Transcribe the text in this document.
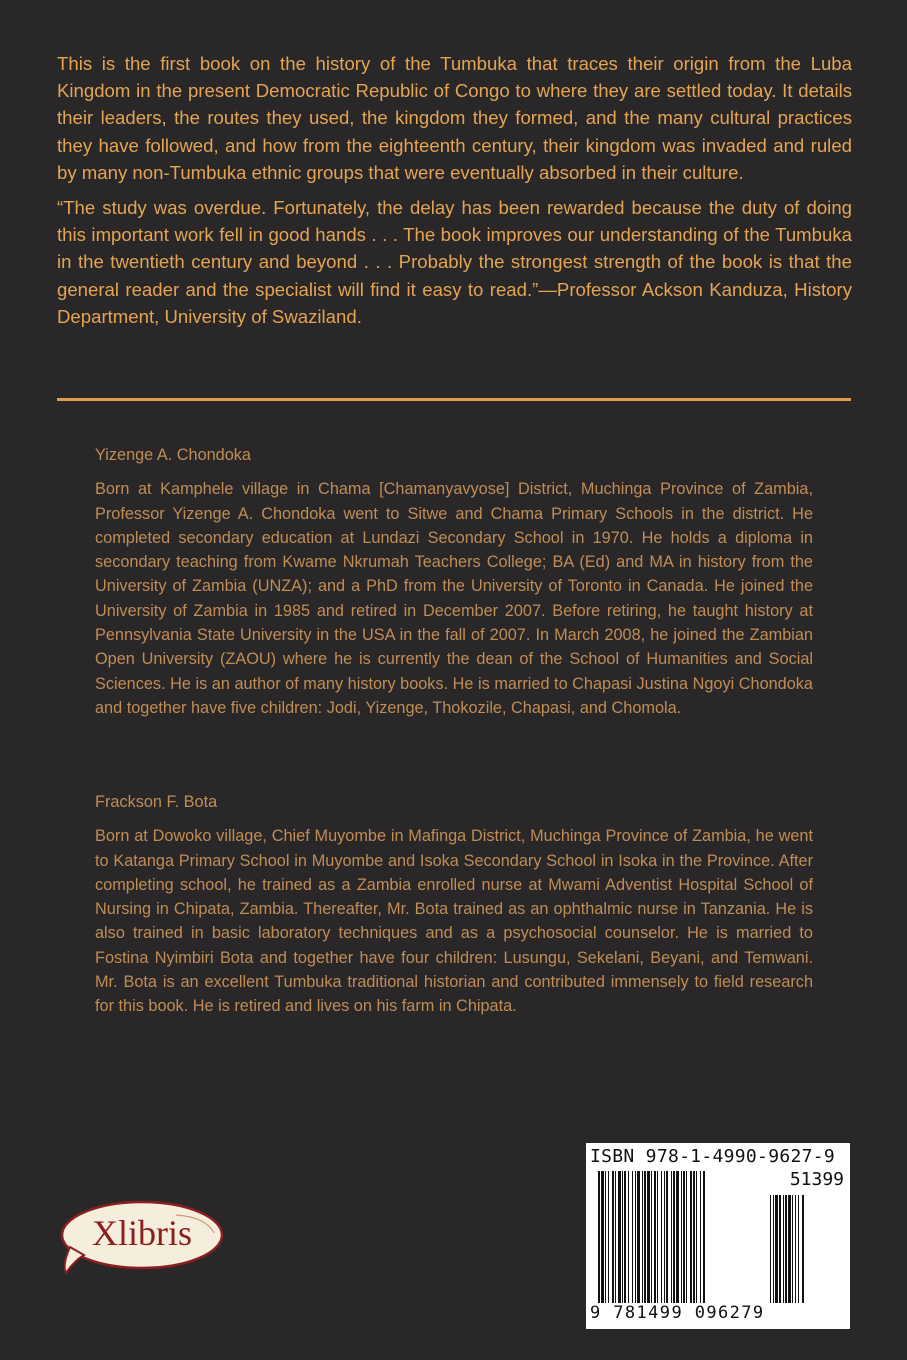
This is the first book on the history of the Tumbuka that traces their origin from the Luba Kingdom in the present Democratic Republic of Congo to where they are settled today. It details their leaders, the routes they used, the kingdom they formed, and the many cultural practices they have followed, and how from the eighteenth century, their kingdom was invaded and ruled by many non-Tumbuka ethnic groups that were eventually absorbed in their culture.

“The study was overdue. Fortunately, the delay has been rewarded because the duty of doing this important work fell in good hands . . . The book improves our understanding of the Tumbuka in the twentieth century and beyond . . . Probably the strongest strength of the book is that the general reader and the specialist will find it easy to read.”—Professor Ackson Kanduza, History Department, University of Swaziland.

Yizenge A. Chondoka

Born at Kamphele village in Chama [Chamanyavyose] District, Muchinga Province of Zambia, Professor Yizenge A. Chondoka went to Sitwe and Chama Primary Schools in the district. He completed secondary education at Lundazi Secondary School in 1970. He holds a diploma in secondary teaching from Kwame Nkrumah Teachers College; BA (Ed) and MA in history from the University of Zambia (UNZA); and a PhD from the University of Toronto in Canada. He joined the University of Zambia in 1985 and retired in December 2007. Before retiring, he taught history at Pennsylvania State University in the USA in the fall of 2007. In March 2008, he joined the Zambian Open University (ZAOU) where he is currently the dean of the School of Humanities and Social Sciences. He is an author of many history books. He is married to Chapasi Justina Ngoyi Chondoka and together have five children: Jodi, Yizenge, Thokozile, Chapasi, and Chomola.

Frackson F. Bota

Born at Dowoko village, Chief Muyombe in Mafinga District, Muchinga Province of Zambia, he went to Katanga Primary School in Muyombe and Isoka Secondary School in Isoka in the Province. After completing school, he trained as a Zambia enrolled nurse at Mwami Adventist Hospital School of Nursing in Chipata, Zambia. Thereafter, Mr. Bota trained as an ophthalmic nurse in Tanzania. He is also trained in basic laboratory techniques and as a psychosocial counselor. He is married to Fostina Nyimbiri Bota and together have four children: Lusungu, Sekelani, Beyani, and Temwani. Mr. Bota is an excellent Tumbuka traditional historian and contributed immensely to field research for this book. He is retired and lives on his farm in Chipata.

Xlibris
ISBN 978-1-4990-9627-9
51399
9 781499 096279
